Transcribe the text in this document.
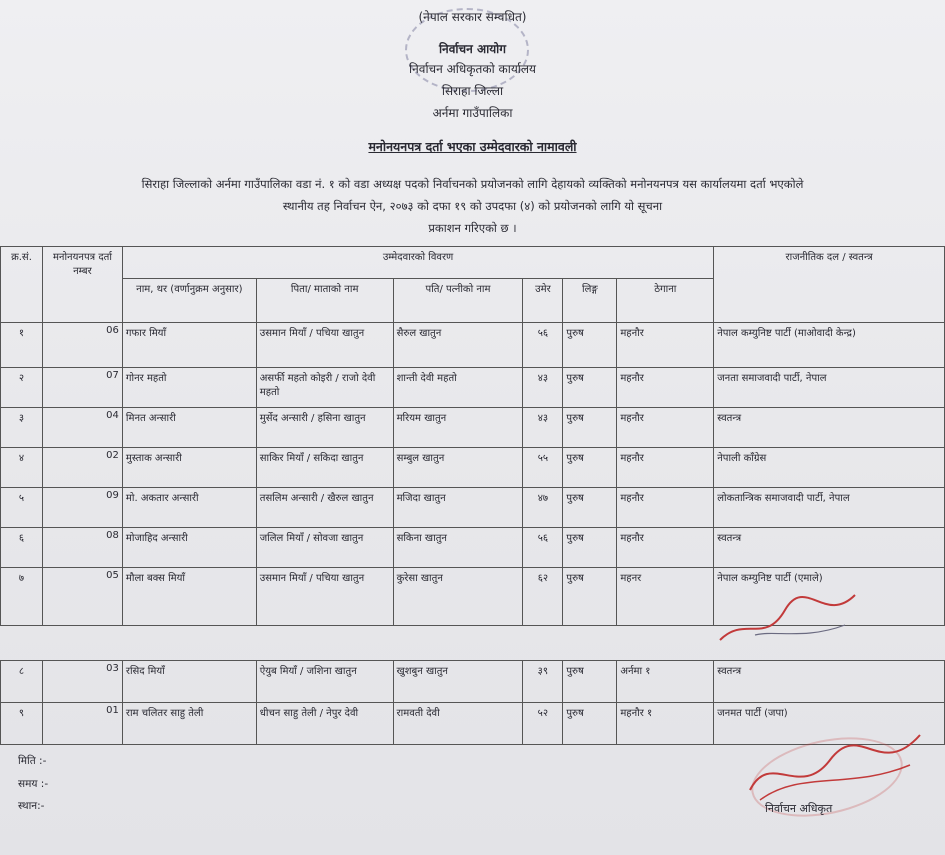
(नेपाल सरकार सम्वधित)
निर्वाचन आयोग
निर्वाचन अधिकृतको कार्यालय
सिराहा जिल्ला
अर्नमा गाउँपालिका
मनोनयनपत्र दर्ता भएका उम्मेदवारको नामावली
सिराहा जिल्लाको अर्नमा गाउँपालिका वडा नं. १ को वडा अध्यक्ष पदको निर्वाचनको प्रयोजनको लागि देहायको व्यक्तिको मनोनयनपत्र यस कार्यालयमा दर्ता भएकोले
स्थानीय तह निर्वाचन ऐन, २०७३ को दफा १९ को उपदफा (४) को प्रयोजनको लागि यो सूचना
प्रकाशन गरिएको छ ।
क्र.सं.	मनोनयनपत्र दर्ता नम्बर	उम्मेदवारको विवरण						राजनीतिक दल / स्वतन्त्र
		नाम, थर (वर्णानुक्रम अनुसार)	पिता/ माताको नाम	पति/ पत्नीको नाम	उमेर	लिङ्ग	ठेगाना	
१	06	गफार मियाँ	उसमान मियाँ / पचिया खातुन	सैरुल खातुन	५६	पुरुष	महनौर	नेपाल कम्युनिष्ट पार्टी (माओवादी केन्द्र)
२	07	गोनर महतो	असर्फी महतो कोइरी / राजो देवी महतो	शान्ती देवी महतो	४३	पुरुष	महनौर	जनता समाजवादी पार्टी, नेपाल
३	04	मिनत अन्सारी	मुर्सेद अन्सारी / हसिना खातुन	मरियम खातुन	४३	पुरुष	महनौर	स्वतन्त्र
४	02	मुस्ताक अन्सारी	साकिर मियाँ / सकिदा खातुन	सम्बुल खातुन	५५	पुरुष	महनौर	नेपाली काँग्रेस
५	09	मो. अकतार अन्सारी	तसलिम अन्सारी / खैरुल खातुन	मजिदा खातुन	४७	पुरुष	महनौर	लोकतान्त्रिक समाजवादी पार्टी, नेपाल
६	08	मोजाहिद अन्सारी	जलिल मियाँ / सोवजा खातुन	सकिना खातुन	५६	पुरुष	महनौर	स्वतन्त्र
७	05	मौला बक्स मियाँ	उसमान मियाँ / पचिया खातुन	कुरेसा खातुन	६२	पुरुष	महनर	नेपाल कम्युनिष्ट पार्टी (एमाले)
८	03	रसिद मियाँ	ऐयुब मियाँ / जशिना खातुन	खुशबुन खातुन	३९	पुरुष	अर्नमा १	स्वतन्त्र
९	01	राम चलितर साहु तेली	धीचन साहु तेली / नेपुर देवी	रामवती देवी	५२	पुरुष	महनौर १	जनमत पार्टी (जपा)
मिति :-
समय :-
स्थान:-	निर्वाचन अधिकृत
